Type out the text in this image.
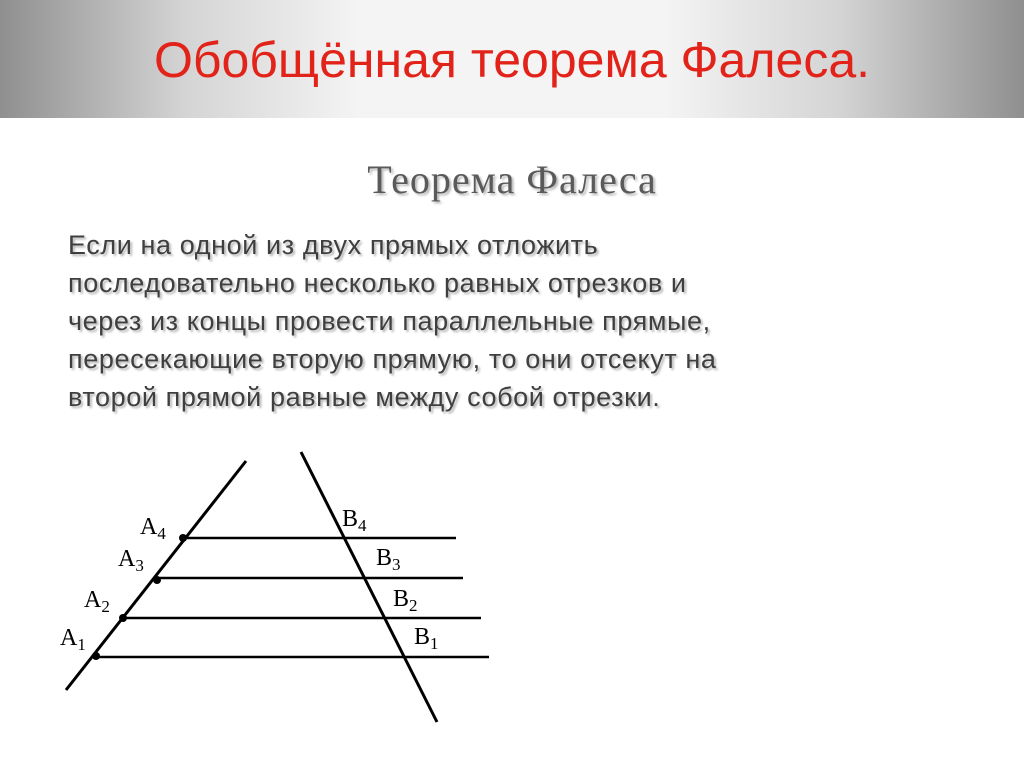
Обобщённая теорема Фалеса.
Теорема Фалеса
Если на одной из двух прямых отложить
последовательно несколько равных отрезков и
через из концы провести параллельные прямые,
пересекающие вторую прямую, то они отсекут на
второй прямой равные между собой отрезки.
$A_4$
$A_3$
$A_2$
$A_1$
$B_4$
$B_3$
$B_2$
$B_1$
